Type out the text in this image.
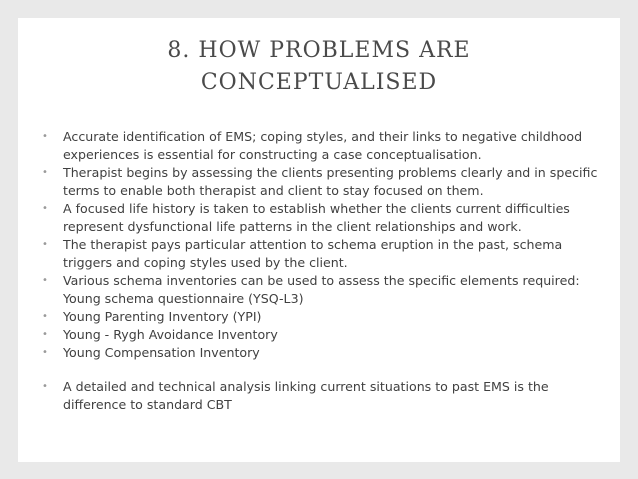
8. HOW PROBLEMS ARE
CONCEPTUALISED
• Accurate identification of EMS; coping styles, and their links to negative childhood experiences is essential for constructing a case conceptualisation.
• Therapist begins by assessing the clients presenting problems clearly and in specific terms to enable both therapist and client to stay focused on them.
• A focused life history is taken to establish whether the clients current difficulties represent dysfunctional life patterns in the client relationships and work.
• The therapist pays particular attention to schema eruption in the past, schema triggers and coping styles used by the client.
• Various schema inventories can be used to assess the specific elements required: Young schema questionnaire (YSQ-L3)
• Young Parenting Inventory (YPI)
• Young - Rygh Avoidance Inventory
• Young Compensation Inventory
• A detailed and technical analysis linking current situations to past EMS is the difference to standard CBT
